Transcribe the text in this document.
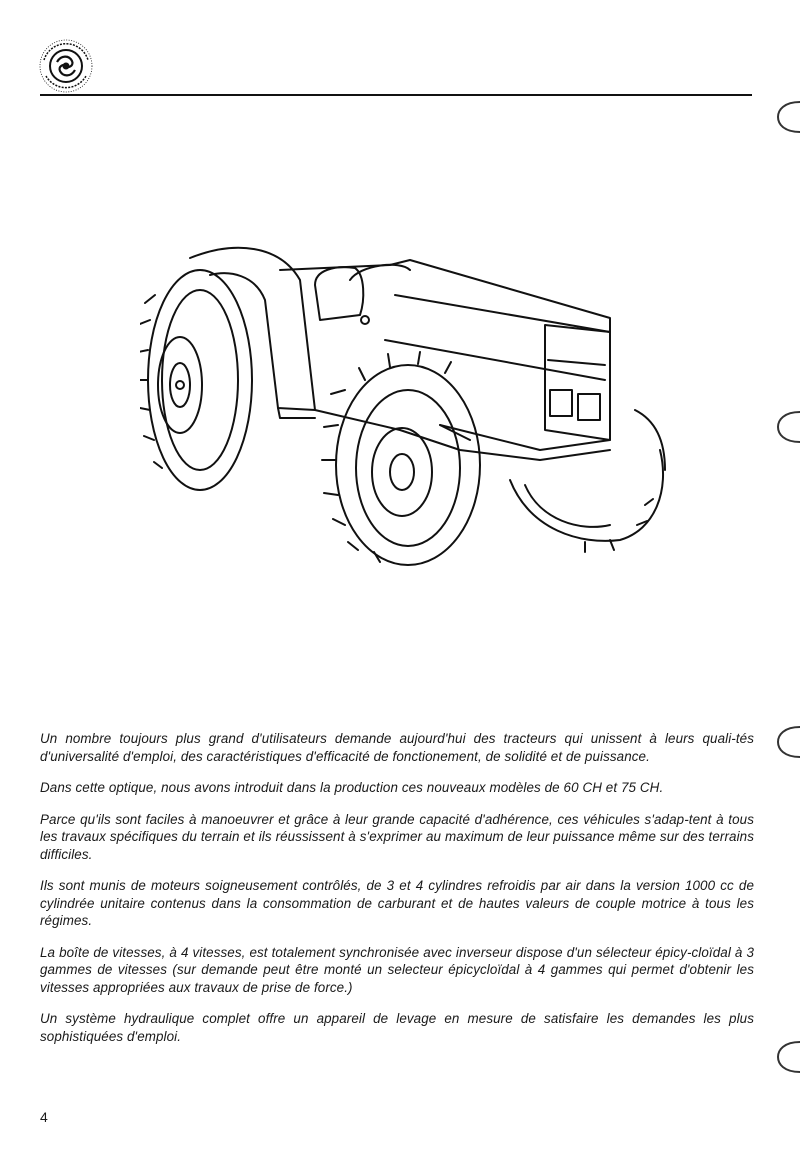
Un nombre toujours plus grand d'utilisateurs demande aujourd'hui des tracteurs qui unissent à leurs quali-tés d'universalité d'emploi, des caractéristiques d'efficacité de fonctionement, de solidité et de puissance.

Dans cette optique, nous avons introduit dans la production ces nouveaux modèles de 60 CH et 75 CH.

Parce qu'ils sont faciles à manoeuvrer et grâce à leur grande capacité d'adhérence, ces véhicules s'adap-tent à tous les travaux spécifiques du terrain et ils réussissent à s'exprimer au maximum de leur puissance même sur des terrains difficiles.

Ils sont munis de moteurs soigneusement contrôlés, de 3 et 4 cylindres refroidis par air dans la version 1000 cc de cylindrée unitaire contenus dans la consommation de carburant et de hautes valeurs de couple motrice à tous les régimes.

La boîte de vitesses, à 4 vitesses, est totalement synchronisée avec inverseur dispose d'un sélecteur épicy-cloïdal à 3 gammes de vitesses (sur demande peut être monté un selecteur épicycloïdal à 4 gammes qui permet d'obtenir les vitesses appropriées aux travaux de prise de force.)

Un système hydraulique complet offre un appareil de levage en mesure de satisfaire les demandes les plus sophistiquées d'emploi.

4
